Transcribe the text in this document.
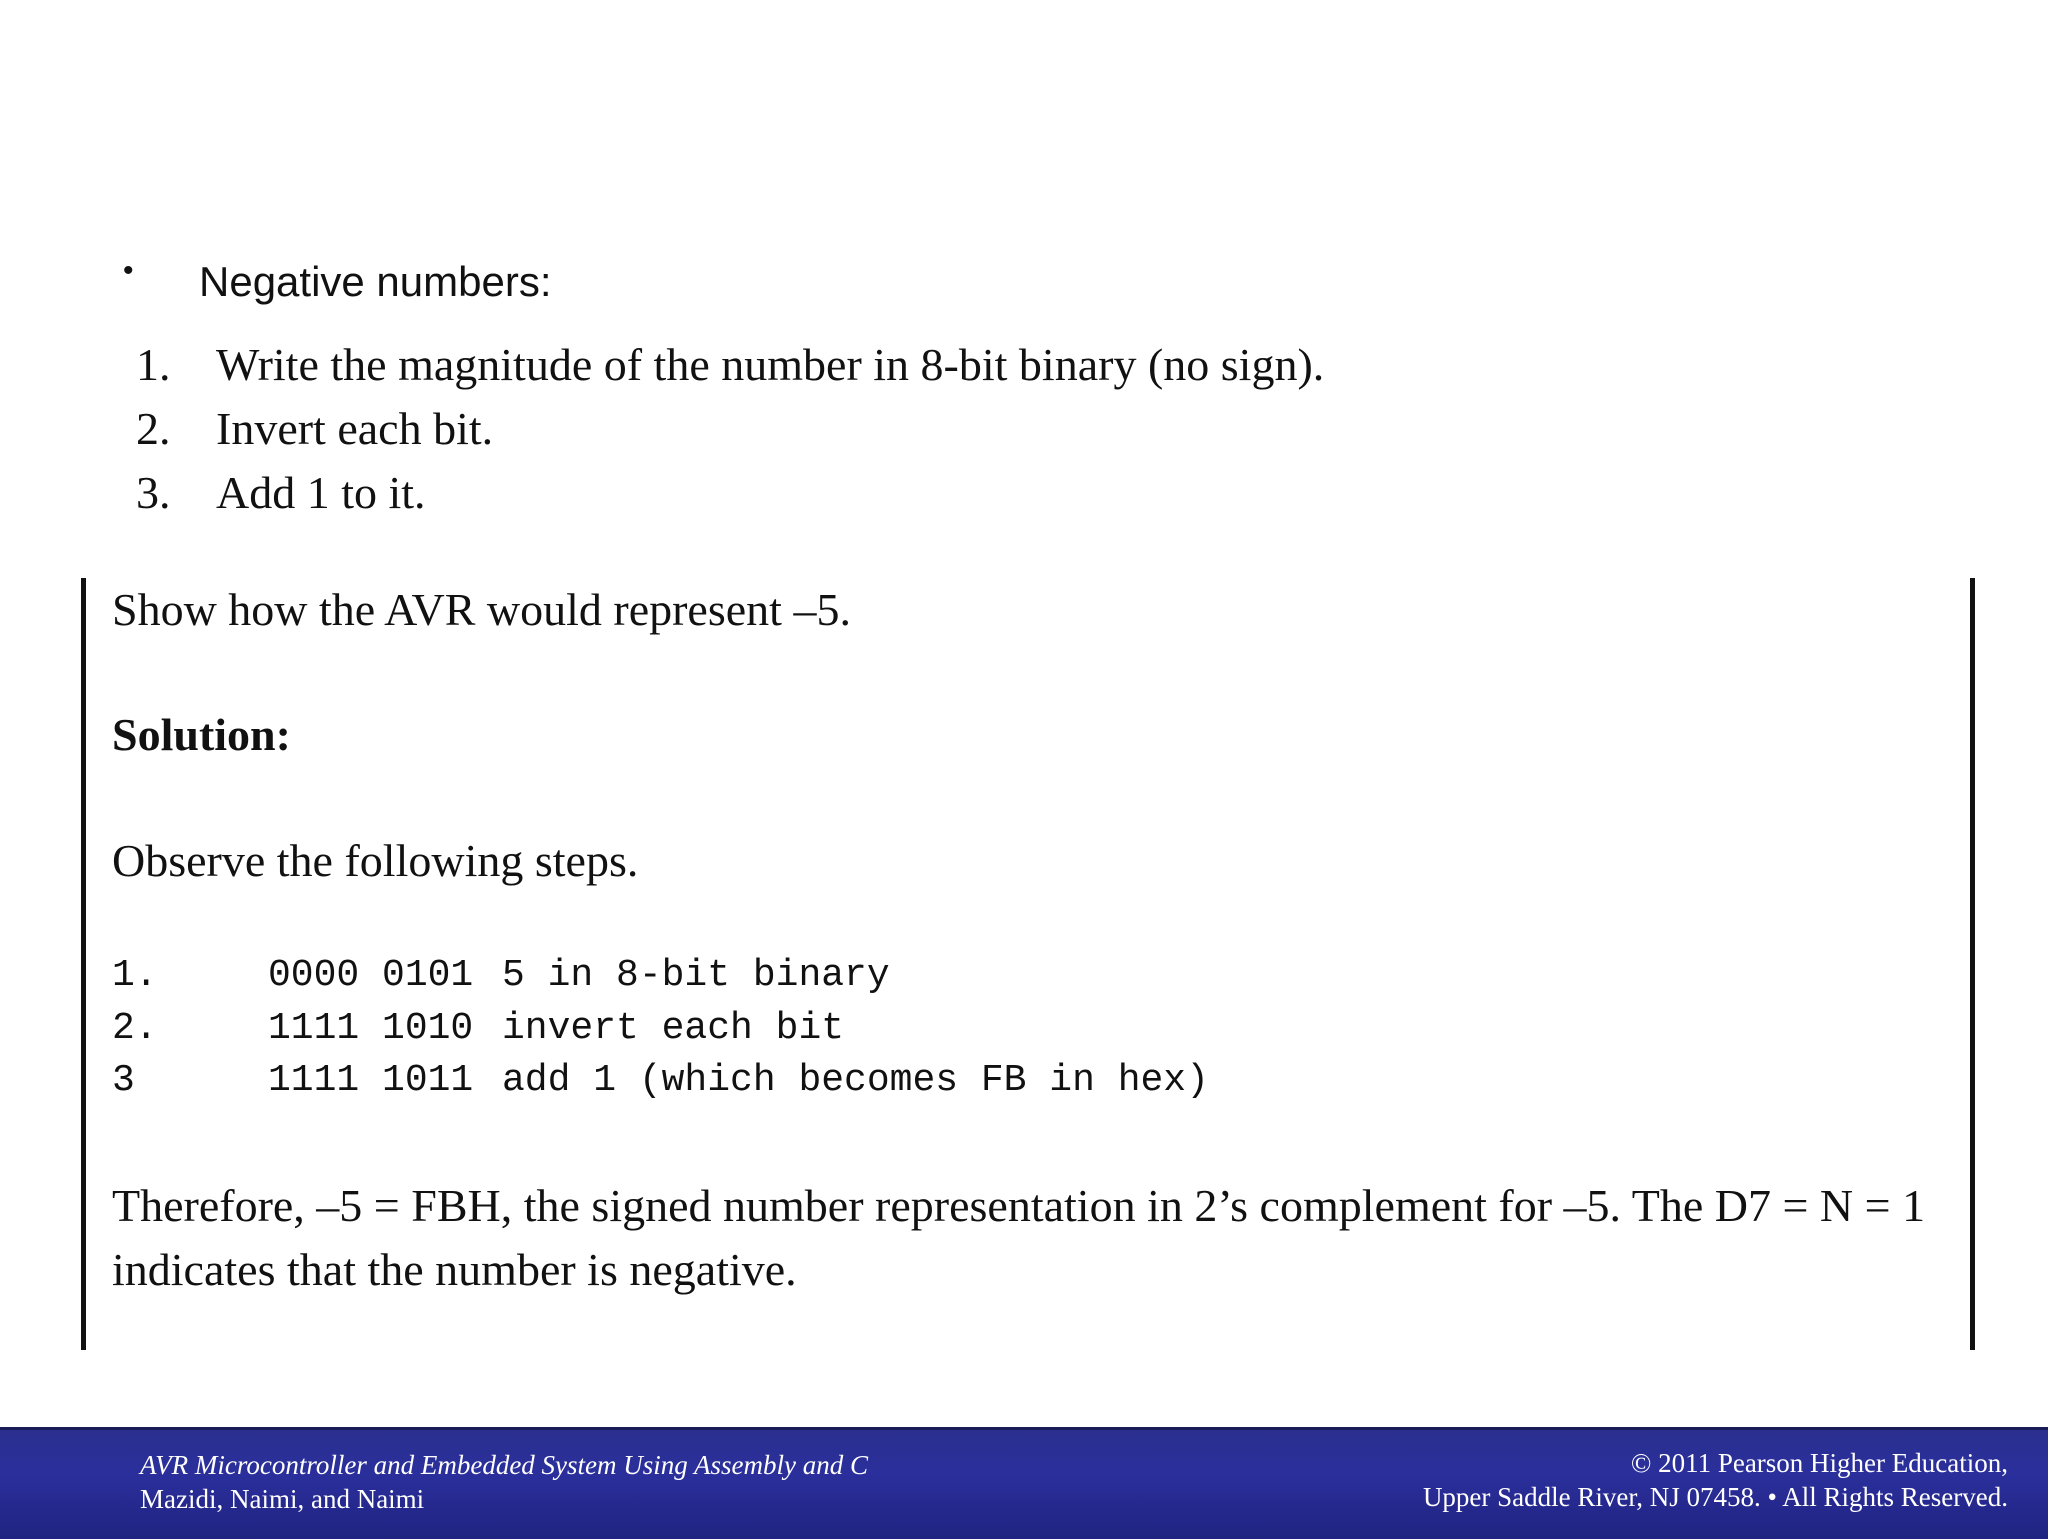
• Negative numbers:
1. Write the magnitude of the number in 8-bit binary (no sign).
2. Invert each bit.
3. Add 1 to it.
Show how the AVR would represent –5.
Solution:
Observe the following steps.
1.	0000 0101 5 in 8-bit binary
2.	1111 1010 invert each bit
3	1111 1011 add 1 (which becomes FB in hex)
Therefore, –5 = FBH, the signed number representation in 2’s complement for –5. The D7 = N = 1 indicates that the number is negative.
AVR Microcontroller and Embedded System Using Assembly and C
Mazidi, Naimi, and Naimi
© 2011 Pearson Higher Education,
Upper Saddle River, NJ 07458. • All Rights Reserved.
